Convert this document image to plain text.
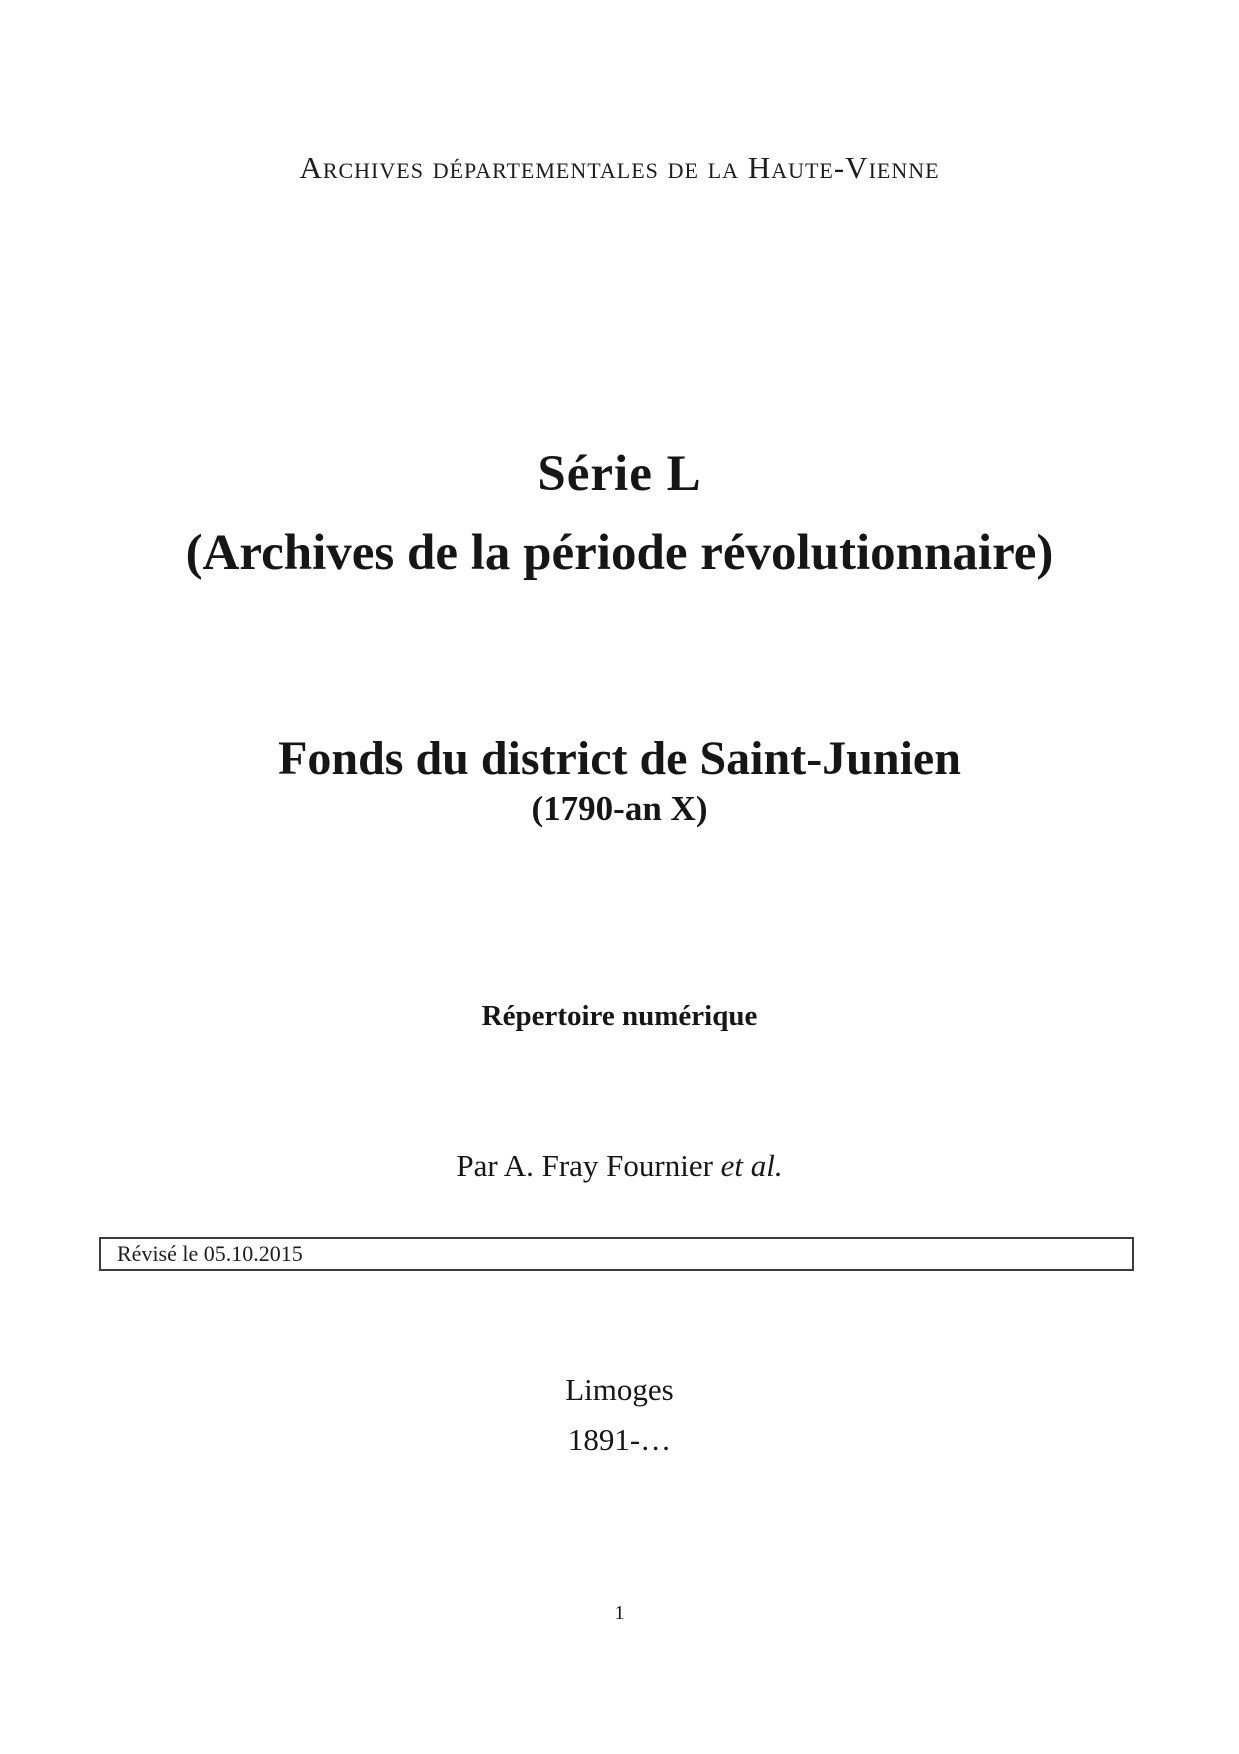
Archives départementales de la Haute-Vienne
Série L
(Archives de la période révolutionnaire)
Fonds du district de Saint-Junien
(1790-an X)
Répertoire numérique
Par A. Fray Fournier et al.
Révisé le 05.10.2015
Limoges
1891-…
1
